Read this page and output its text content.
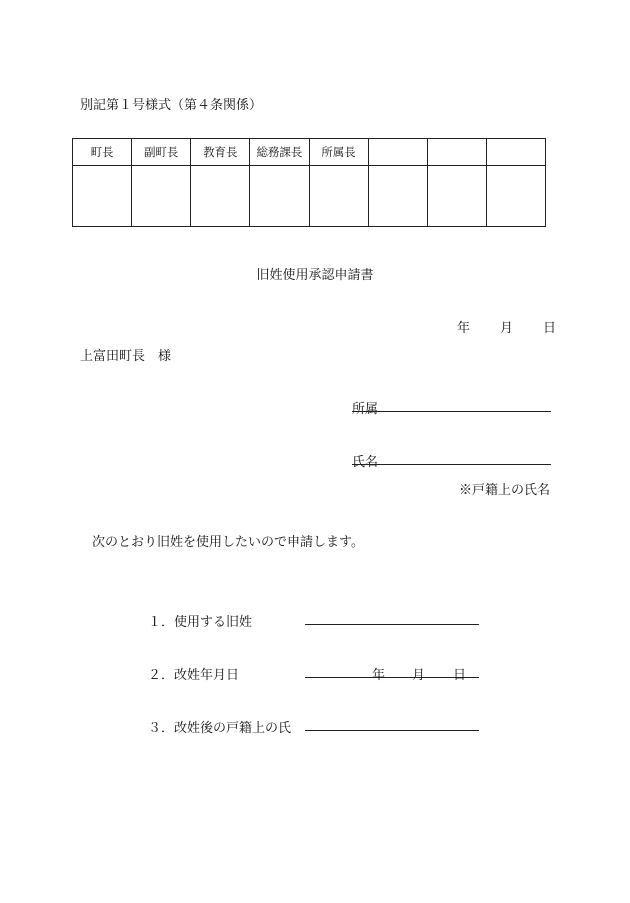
別記第１号様式（第４条関係）
町長	副町長	教育長	総務課長	所属長			

旧姓使用承認申請書
年 月 日
上富田町長　様
所属
氏名
※戸籍上の氏名
次のとおり旧姓を使用したいので申請します。
１．使用する旧姓
２．改姓年月日	年 月 日
３．改姓後の戸籍上の氏
